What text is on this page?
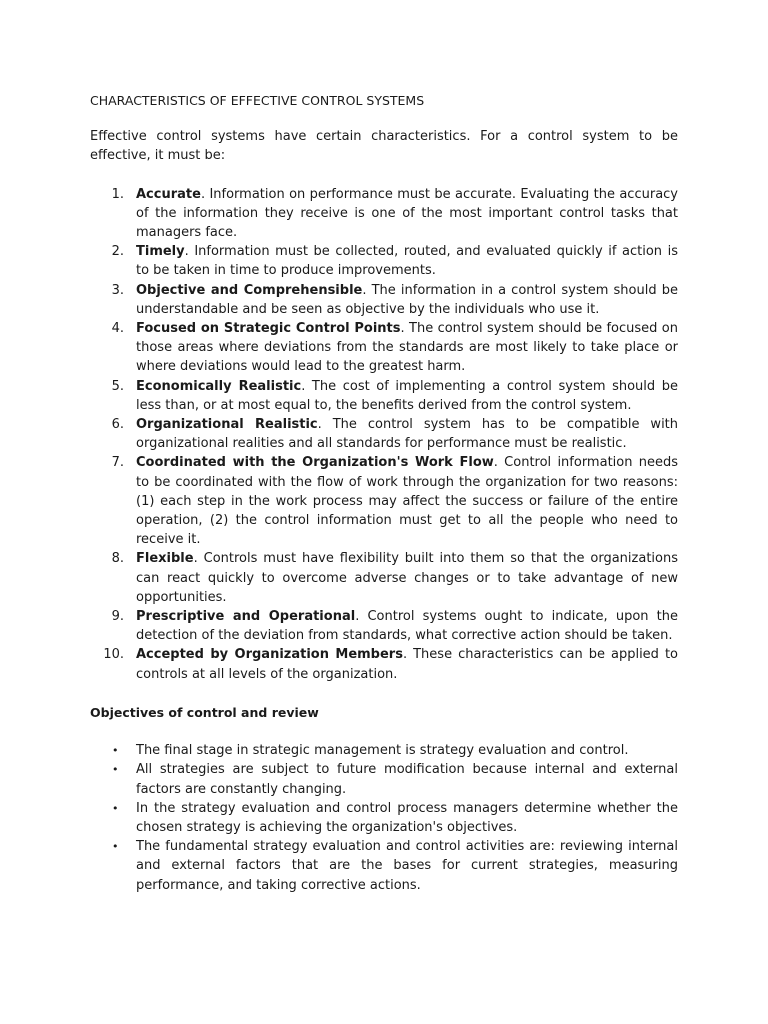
CHARACTERISTICS OF EFFECTIVE CONTROL SYSTEMS

Effective control systems have certain characteristics. For a control system to be effective, it must be:

1. Accurate. Information on performance must be accurate. Evaluating the accuracy of the information they receive is one of the most important control tasks that managers face.
2. Timely. Information must be collected, routed, and evaluated quickly if action is to be taken in time to produce improvements.
3. Objective and Comprehensible. The information in a control system should be understandable and be seen as objective by the individuals who use it.
4. Focused on Strategic Control Points. The control system should be focused on those areas where deviations from the standards are most likely to take place or where deviations would lead to the greatest harm.
5. Economically Realistic. The cost of implementing a control system should be less than, or at most equal to, the benefits derived from the control system.
6. Organizational Realistic. The control system has to be compatible with organizational realities and all standards for performance must be realistic.
7. Coordinated with the Organization's Work Flow. Control information needs to be coordinated with the flow of work through the organization for two reasons: (1) each step in the work process may affect the success or failure of the entire operation, (2) the control information must get to all the people who need to receive it.
8. Flexible. Controls must have flexibility built into them so that the organizations can react quickly to overcome adverse changes or to take advantage of new opportunities.
9. Prescriptive and Operational. Control systems ought to indicate, upon the detection of the deviation from standards, what corrective action should be taken.
10. Accepted by Organization Members. These characteristics can be applied to controls at all levels of the organization.
Objectives of control and review
• The final stage in strategic management is strategy evaluation and control.
• All strategies are subject to future modification because internal and external factors are constantly changing.
• In the strategy evaluation and control process managers determine whether the chosen strategy is achieving the organization's objectives.
• The fundamental strategy evaluation and control activities are: reviewing internal and external factors that are the bases for current strategies, measuring performance, and taking corrective actions.
